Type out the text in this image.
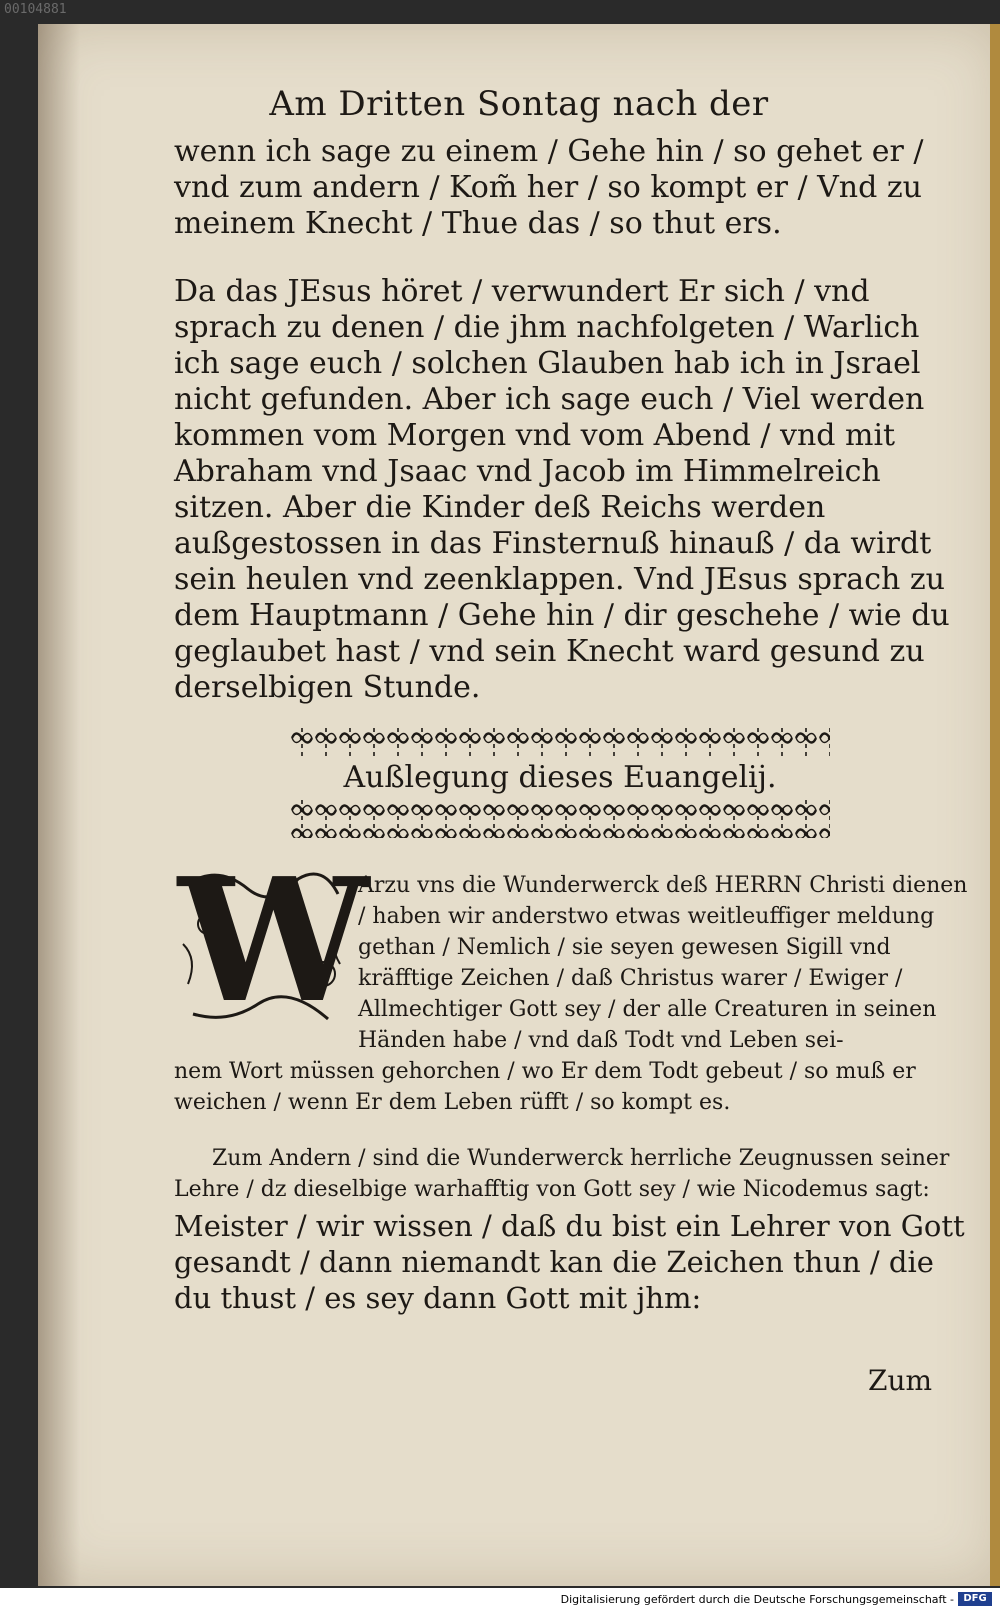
00104881
Am Dritten Sontag nach der

wenn ich sage zu einem / Gehe hin / so gehet er / vnd zum andern / Kom̃ her / so kompt er / Vnd zu meinem Knecht / Thue das / so thut ers.

Da das JEsus höret / verwundert Er sich / vnd sprach zu denen / die jhm nachfolgeten / Warlich ich sage euch / solchen Glauben hab ich in Jsrael nicht gefunden. Aber ich sage euch / Viel werden kommen vom Morgen vnd vom Abend / vnd mit Abraham vnd Jsaac vnd Jacob im Himmelreich sitzen. Aber die Kinder deß Reichs werden außgestossen in das Finsternuß hinauß / da wirdt sein heulen vnd zeenklappen. Vnd JEsus sprach zu dem Hauptmann / Gehe hin / dir geschehe / wie du geglaubet hast / vnd sein Knecht ward gesund zu derselbigen Stunde.

Außlegung dieses Euangelij.
W

Arzu vns die Wunderwerck deß HERRN Christi dienen / haben wir anderstwo etwas weitleuffiger meldung gethan / Nemlich / sie seyen gewesen Sigill vnd kräfftige Zeichen / daß Christus warer / Ewiger / Allmechtiger Gott sey / der alle Creaturen in seinen Händen habe / vnd daß Todt vnd Leben sei-

nem Wort müssen gehorchen / wo Er dem Todt gebeut / so muß er weichen / wenn Er dem Leben rüfft / so kompt es.

Zum Andern / sind die Wunderwerck herrliche Zeugnussen seiner Lehre / dz dieselbige warhafftig von Gott sey / wie Nicodemus sagt:

Meister / wir wissen / daß du bist ein Lehrer von Gott gesandt / dann niemandt kan die Zeichen thun / die du thust / es sey dann Gott mit jhm:

Zum
Digitalisierung gefördert durch die Deutsche Forschungsgemeinschaft - DFG
